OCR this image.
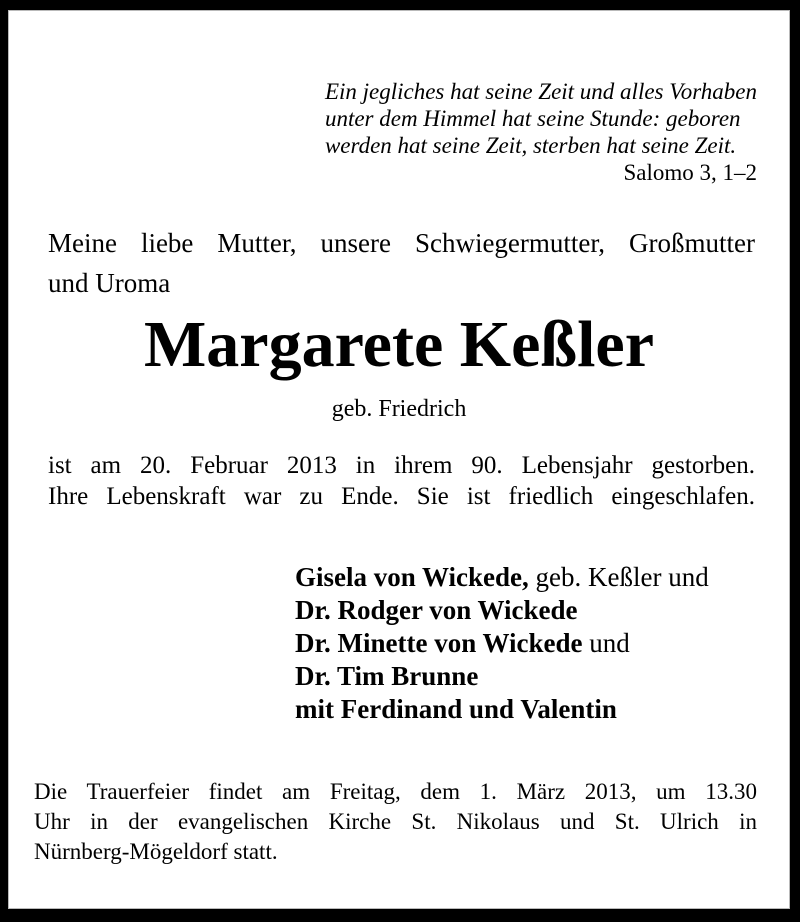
Ein jegliches hat seine Zeit und alles Vorhaben
unter dem Himmel hat seine Stunde: geboren
werden hat seine Zeit, sterben hat seine Zeit.
Salomo 3, 1–2
Meine liebe Mutter, unsere Schwiegermutter, Großmutter
und Uroma
Margarete Keßler
geb. Friedrich
ist am 20. Februar 2013 in ihrem 90. Lebensjahr gestorben.
Ihre Lebenskraft war zu Ende. Sie ist friedlich eingeschlafen.
Gisela von Wickede, geb. Keßler und
Dr. Rodger von Wickede
Dr. Minette von Wickede und
Dr. Tim Brunne
mit Ferdinand und Valentin
Die Trauerfeier findet am Freitag, dem 1. März 2013, um 13.30
Uhr in der evangelischen Kirche St. Nikolaus und St. Ulrich in
Nürnberg-Mögeldorf statt.
